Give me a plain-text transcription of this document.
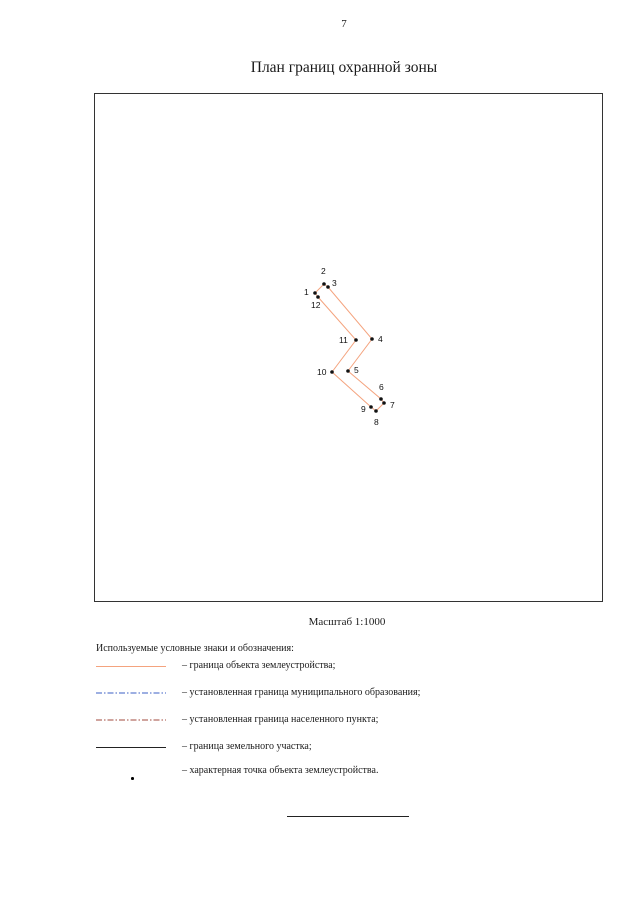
7
План границ охранной зоны
1
2
3
4
5
6
7
8
9
10
11
12
Масштаб 1:1000
Используемые условные знаки и обозначения:
– граница объекта землеустройства;
– установленная граница муниципального образования;
– установленная граница населенного пункта;
– граница земельного участка;
– характерная точка объекта землеустройства.
